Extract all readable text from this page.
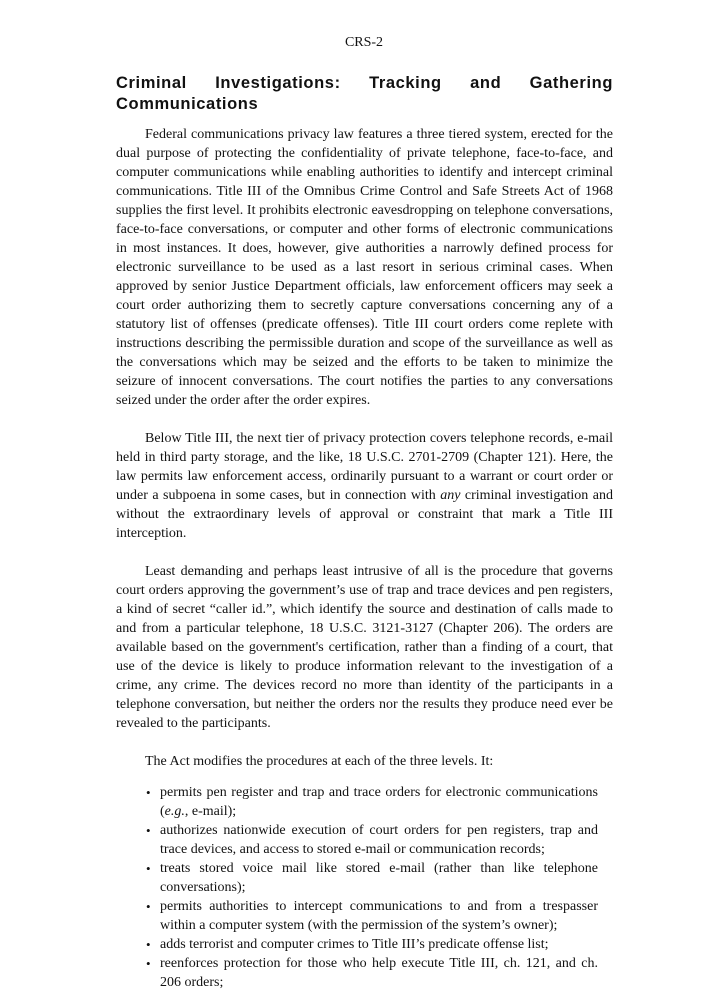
CRS-2
Criminal Investigations: Tracking and Gathering Communications

Federal communications privacy law features a three tiered system, erected for the dual purpose of protecting the confidentiality of private telephone, face-to-face, and computer communications while enabling authorities to identify and intercept criminal communications. Title III of the Omnibus Crime Control and Safe Streets Act of 1968 supplies the first level. It prohibits electronic eavesdropping on telephone conversations, face-to-face conversations, or computer and other forms of electronic communications in most instances. It does, however, give authorities a narrowly defined process for electronic surveillance to be used as a last resort in serious criminal cases. When approved by senior Justice Department officials, law enforcement officers may seek a court order authorizing them to secretly capture conversations concerning any of a statutory list of offenses (predicate offenses). Title III court orders come replete with instructions describing the permissible duration and scope of the surveillance as well as the conversations which may be seized and the efforts to be taken to minimize the seizure of innocent conversations. The court notifies the parties to any conversations seized under the order after the order expires.

Below Title III, the next tier of privacy protection covers telephone records, e-mail held in third party storage, and the like, 18 U.S.C. 2701-2709 (Chapter 121). Here, the law permits law enforcement access, ordinarily pursuant to a warrant or court order or under a subpoena in some cases, but in connection with any criminal investigation and without the extraordinary levels of approval or constraint that mark a Title III interception.

Least demanding and perhaps least intrusive of all is the procedure that governs court orders approving the government’s use of trap and trace devices and pen registers, a kind of secret “caller id.”, which identify the source and destination of calls made to and from a particular telephone, 18 U.S.C. 3121-3127 (Chapter 206). The orders are available based on the government's certification, rather than a finding of a court, that use of the device is likely to produce information relevant to the investigation of a crime, any crime. The devices record no more than identity of the participants in a telephone conversation, but neither the orders nor the results they produce need ever be revealed to the participants.

The Act modifies the procedures at each of the three levels. It:

• permits pen register and trap and trace orders for electronic communications (e.g., e-mail);
• authorizes nationwide execution of court orders for pen registers, trap and trace devices, and access to stored e-mail or communication records;
• treats stored voice mail like stored e-mail (rather than like telephone conversations);
• permits authorities to intercept communications to and from a trespasser within a computer system (with the permission of the system’s owner);
• adds terrorist and computer crimes to Title III’s predicate offense list;
• reenforces protection for those who help execute Title III, ch. 121, and ch. 206 orders;
